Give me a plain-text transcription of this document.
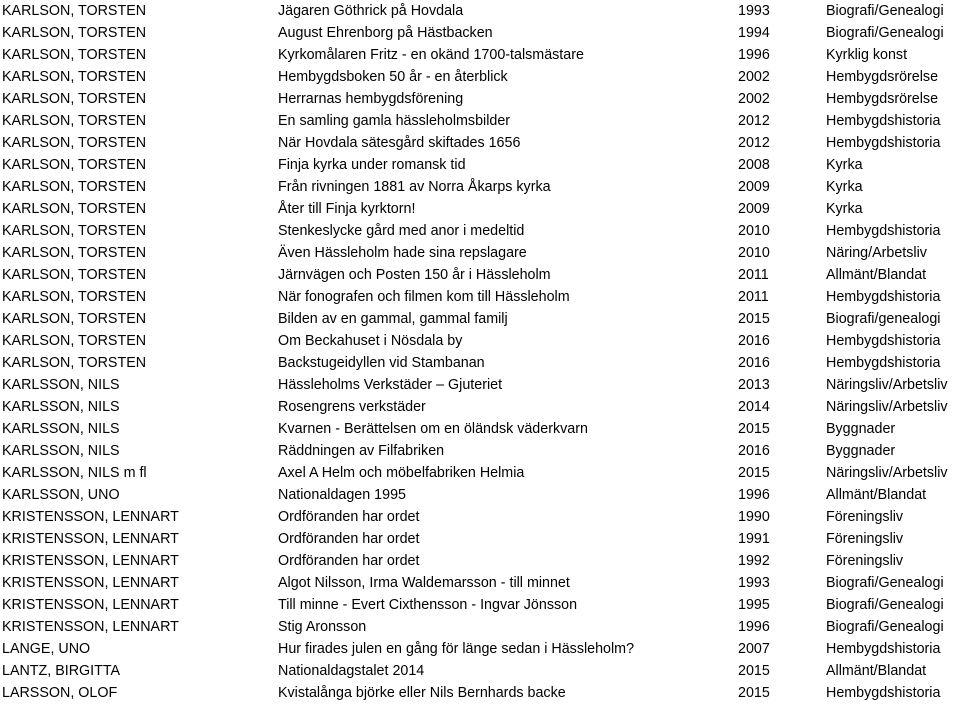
KARLSON, TORSTEN	Jägaren Göthrick på Hovdala	1993	Biografi/Genealogi
KARLSON, TORSTEN	August Ehrenborg på Hästbacken	1994	Biografi/Genealogi
KARLSON, TORSTEN	Kyrkomålaren Fritz - en okänd 1700-talsmästare	1996	Kyrklig konst
KARLSON, TORSTEN	Hembygdsboken 50 år - en återblick	2002	Hembygdsrörelse
KARLSON, TORSTEN	Herrarnas hembygdsförening	2002	Hembygdsrörelse
KARLSON, TORSTEN	En samling gamla hässleholmsbilder	2012	Hembygdshistoria
KARLSON, TORSTEN	När Hovdala sätesgård skiftades 1656	2012	Hembygdshistoria
KARLSON, TORSTEN	Finja kyrka under romansk tid	2008	Kyrka
KARLSON, TORSTEN	Från rivningen 1881 av Norra Åkarps kyrka	2009	Kyrka
KARLSON, TORSTEN	Åter till Finja kyrktorn!	2009	Kyrka
KARLSON, TORSTEN	Stenkeslycke gård med anor i medeltid	2010	Hembygdshistoria
KARLSON, TORSTEN	Även Hässleholm hade sina repslagare	2010	Näring/Arbetsliv
KARLSON, TORSTEN	Järnvägen och Posten 150 år i Hässleholm	2011	Allmänt/Blandat
KARLSON, TORSTEN	När fonografen och filmen kom till Hässleholm	2011	Hembygdshistoria
KARLSON, TORSTEN	Bilden av en gammal, gammal familj	2015	Biografi/genealogi
KARLSON, TORSTEN	Om Beckahuset i Nösdala by	2016	Hembygdshistoria
KARLSON, TORSTEN	Backstugeidyllen vid Stambanan	2016	Hembygdshistoria
KARLSSON, NILS	Hässleholms Verkstäder – Gjuteriet	2013	Näringsliv/Arbetsliv
KARLSSON, NILS	Rosengrens verkstäder	2014	Näringsliv/Arbetsliv
KARLSSON, NILS	Kvarnen - Berättelsen om en öländsk väderkvarn	2015	Byggnader
KARLSSON, NILS	Räddningen av Filfabriken	2016	Byggnader
KARLSSON, NILS m fl	Axel A Helm och möbelfabriken Helmia	2015	Näringsliv/Arbetsliv
KARLSSON, UNO	Nationaldagen 1995	1996	Allmänt/Blandat
KRISTENSSON, LENNART	Ordföranden har ordet	1990	Föreningsliv
KRISTENSSON, LENNART	Ordföranden har ordet	1991	Föreningsliv
KRISTENSSON, LENNART	Ordföranden har ordet	1992	Föreningsliv
KRISTENSSON, LENNART	Algot Nilsson, Irma Waldemarsson - till minnet	1993	Biografi/Genealogi
KRISTENSSON, LENNART	Till minne - Evert Cixthensson - Ingvar Jönsson	1995	Biografi/Genealogi
KRISTENSSON, LENNART	Stig Aronsson	1996	Biografi/Genealogi
LANGE, UNO	Hur firades julen en gång för länge sedan i Hässleholm?	2007	Hembygdshistoria
LANTZ, BIRGITTA	Nationaldagstalet 2014	2015	Allmänt/Blandat
LARSSON, OLOF	Kvistalånga björke eller Nils Bernhards backe	2015	Hembygdshistoria
